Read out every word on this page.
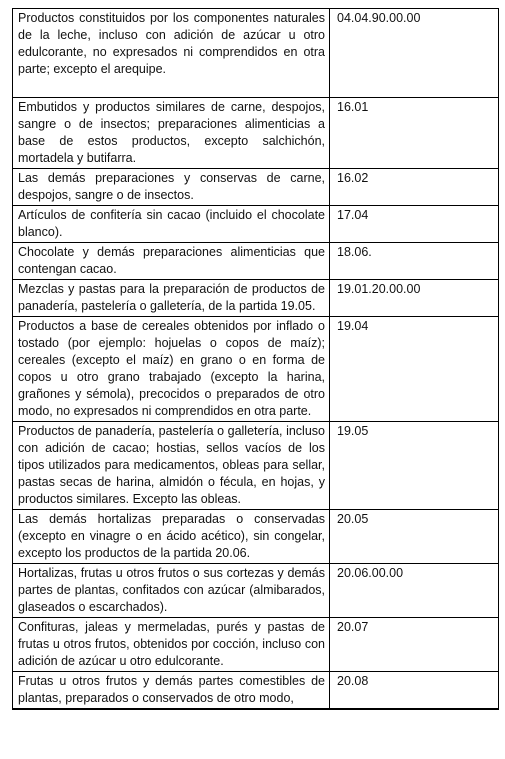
Productos constituidos por los componentes naturales de la leche, incluso con adición de azúcar u otro edulcorante, no expresados ni comprendidos en otra parte; excepto el arequipe.	04.04.90.00.00
Embutidos y productos similares de carne, despojos, sangre o de insectos; preparaciones alimenticias a base de estos productos, excepto salchichón, mortadela y butifarra.	16.01
Las demás preparaciones y conservas de carne, despojos, sangre o de insectos.	16.02
Artículos de confitería sin cacao (incluido el chocolate blanco).	17.04
Chocolate y demás preparaciones alimenticias que contengan cacao.	18.06.
Mezclas y pastas para la preparación de productos de panadería, pastelería o galletería, de la partida 19.05.	19.01.20.00.00
Productos a base de cereales obtenidos por inflado o tostado (por ejemplo: hojuelas o copos de maíz); cereales (excepto el maíz) en grano o en forma de copos u otro grano trabajado (excepto la harina, grañones y sémola), precocidos o preparados de otro modo, no expresados ni comprendidos en otra parte.	19.04
Productos de panadería, pastelería o galletería, incluso con adición de cacao; hostias, sellos vacíos de los tipos utilizados para medicamentos, obleas para sellar, pastas secas de harina, almidón o fécula, en hojas, y productos similares. Excepto las obleas.	19.05
Las demás hortalizas preparadas o conservadas (excepto en vinagre o en ácido acético), sin congelar, excepto los productos de la partida 20.06.	20.05
Hortalizas, frutas u otros frutos o sus cortezas y demás partes de plantas, confitados con azúcar (almibarados, glaseados o escarchados).	20.06.00.00
Confituras, jaleas y mermeladas, purés y pastas de frutas u otros frutos, obtenidos por cocción, incluso con adición de azúcar u otro edulcorante.	20.07
Frutas u otros frutos y demás partes comestibles de plantas, preparados o conservados de otro modo,	20.08
